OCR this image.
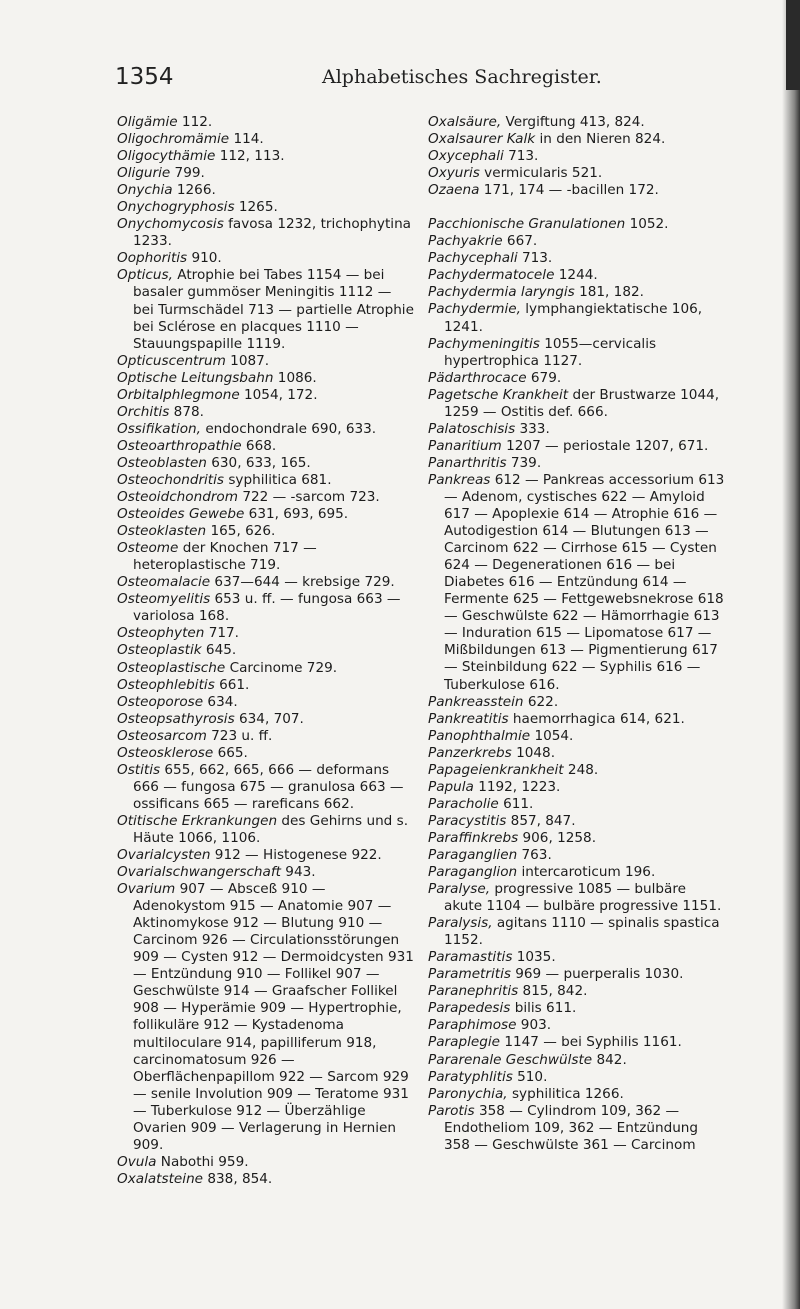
1354	Alphabetisches Sachregister.

Oligämie 112.

Oligochromämie 114.

Oligocythämie 112, 113.

Oligurie 799.

Onychia 1266.

Onychogryphosis 1265.

Onychomycosis favosa 1232, trichophytina 1233.

Oophoritis 910.

Opticus, Atrophie bei Tabes 1154 — bei basaler gummöser Meningitis 1112 — bei Turmschädel 713 — partielle Atrophie bei Sclérose en placques 1110 — Stauungspapille 1119.

Opticuscentrum 1087.

Optische Leitungsbahn 1086.

Orbitalphlegmone 1054, 172.

Orchitis 878.

Ossifikation, endochondrale 690, 633.

Osteoarthropathie 668.

Osteoblasten 630, 633, 165.

Osteochondritis syphilitica 681.

Osteoidchondrom 722 — -sarcom 723.

Osteoides Gewebe 631, 693, 695.

Osteoklasten 165, 626.

Osteome der Knochen 717 — heteroplastische 719.

Osteomalacie 637—644 — krebsige 729.

Osteomyelitis 653 u. ff. — fungosa 663 — variolosa 168.

Osteophyten 717.

Osteoplastik 645.

Osteoplastische Carcinome 729.

Osteophlebitis 661.

Osteoporose 634.

Osteopsathyrosis 634, 707.

Osteosarcom 723 u. ff.

Osteosklerose 665.

Ostitis 655, 662, 665, 666 — deformans 666 — fungosa 675 — granulosa 663 — ossificans 665 — rareficans 662.

Otitische Erkrankungen des Gehirns und s. Häute 1066, 1106.

Ovarialcysten 912 — Histogenese 922.

Ovarialschwangerschaft 943.

Ovarium 907 — Absceß 910 — Adenokystom 915 — Anatomie 907 — Aktinomykose 912 — Blutung 910 — Carcinom 926 — Circulationsstörungen 909 — Cysten 912 — Dermoidcysten 931 — Entzündung 910 — Follikel 907 — Geschwülste 914 — Graafscher Follikel 908 — Hyperämie 909 — Hypertrophie, follikuläre 912 — Kystadenoma multiloculare 914, papilliferum 918, carcinomatosum 926 — Oberflächenpapillom 922 — Sarcom 929 — senile Involution 909 — Teratome 931 — Tuberkulose 912 — Überzählige Ovarien 909 — Verlagerung in Hernien 909.

Ovula Nabothi 959.

Oxalatsteine 838, 854.

Oxalsäure, Vergiftung 413, 824.

Oxalsaurer Kalk in den Nieren 824.

Oxycephali 713.

Oxyuris vermicularis 521.

Ozaena 171, 174 — -bacillen 172.

Pacchionische Granulationen 1052.

Pachyakrie 667.

Pachycephali 713.

Pachydermatocele 1244.

Pachydermia laryngis 181, 182.

Pachydermie, lymphangiektatische 106, 1241.

Pachymeningitis 1055—cervicalis hypertrophica 1127.

Pädarthrocace 679.

Pagetsche Krankheit der Brustwarze 1044, 1259 — Ostitis def. 666.

Palatoschisis 333.

Panaritium 1207 — periostale 1207, 671.

Panarthritis 739.

Pankreas 612 — Pankreas accessorium 613 — Adenom, cystisches 622 — Amyloid 617 — Apoplexie 614 — Atrophie 616 — Autodigestion 614 — Blutungen 613 — Carcinom 622 — Cirrhose 615 — Cysten 624 — Degenerationen 616 — bei Diabetes 616 — Entzündung 614 — Fermente 625 — Fettgewebsnekrose 618 — Geschwülste 622 — Hämorrhagie 613 — Induration 615 — Lipomatose 617 — Mißbildungen 613 — Pigmentierung 617 — Steinbildung 622 — Syphilis 616 — Tuberkulose 616.

Pankreasstein 622.

Pankreatitis haemorrhagica 614, 621.

Panophthalmie 1054.

Panzerkrebs 1048.

Papageienkrankheit 248.

Papula 1192, 1223.

Paracholie 611.

Paracystitis 857, 847.

Paraffinkrebs 906, 1258.

Paraganglien 763.

Paraganglion intercaroticum 196.

Paralyse, progressive 1085 — bulbäre akute 1104 — bulbäre progressive 1151.

Paralysis, agitans 1110 — spinalis spastica 1152.

Paramastitis 1035.

Parametritis 969 — puerperalis 1030.

Paranephritis 815, 842.

Parapedesis bilis 611.

Paraphimose 903.

Paraplegie 1147 — bei Syphilis 1161.

Pararenale Geschwülste 842.

Paratyphlitis 510.

Paronychia, syphilitica 1266.

Parotis 358 — Cylindrom 109, 362 — Endotheliom 109, 362 — Entzündung 358 — Geschwülste 361 — Carcinom
